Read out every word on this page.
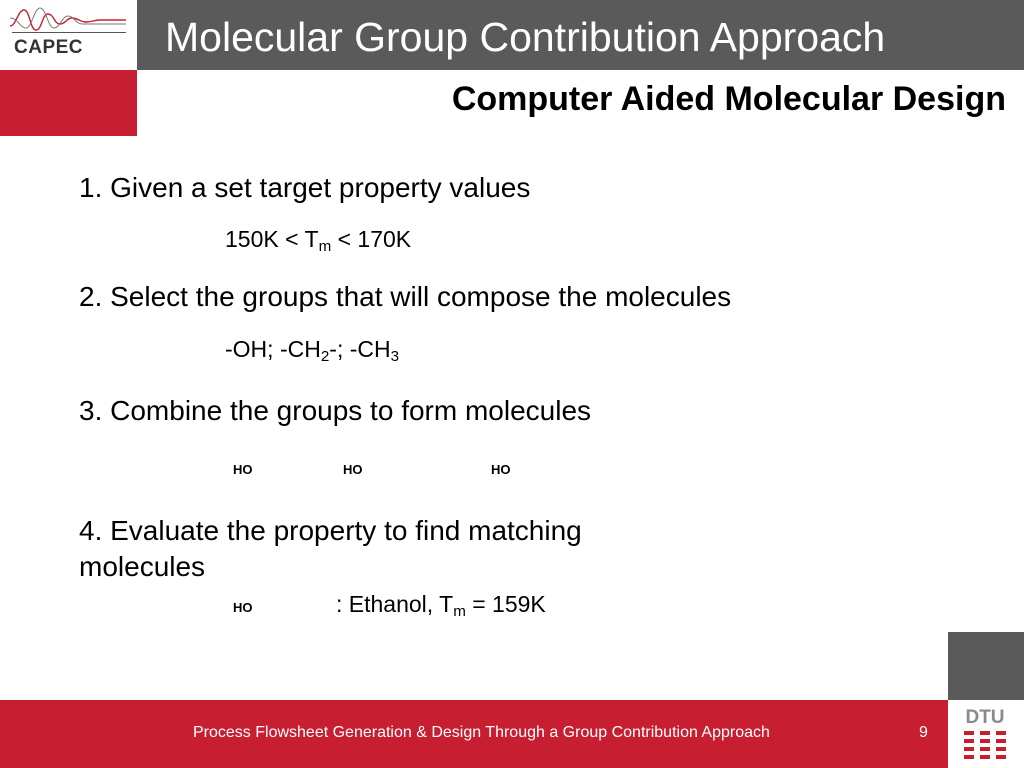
CAPEC Molecular Group Contribution Approach
Computer Aided Molecular Design
1. Given a set target property values
$150K < T_m < 170K$
2. Select the groups that will compose the molecules
-OH; $-CH_2-$; $-CH_3$
3. Combine the groups to form molecules
HO	HO	HO
4. Evaluate the property to find matching
molecules
HO	: Ethanol, $T_m = 159K$
Process Flowsheet Generation & Design Through a Group Contribution Approach	9
DTU
